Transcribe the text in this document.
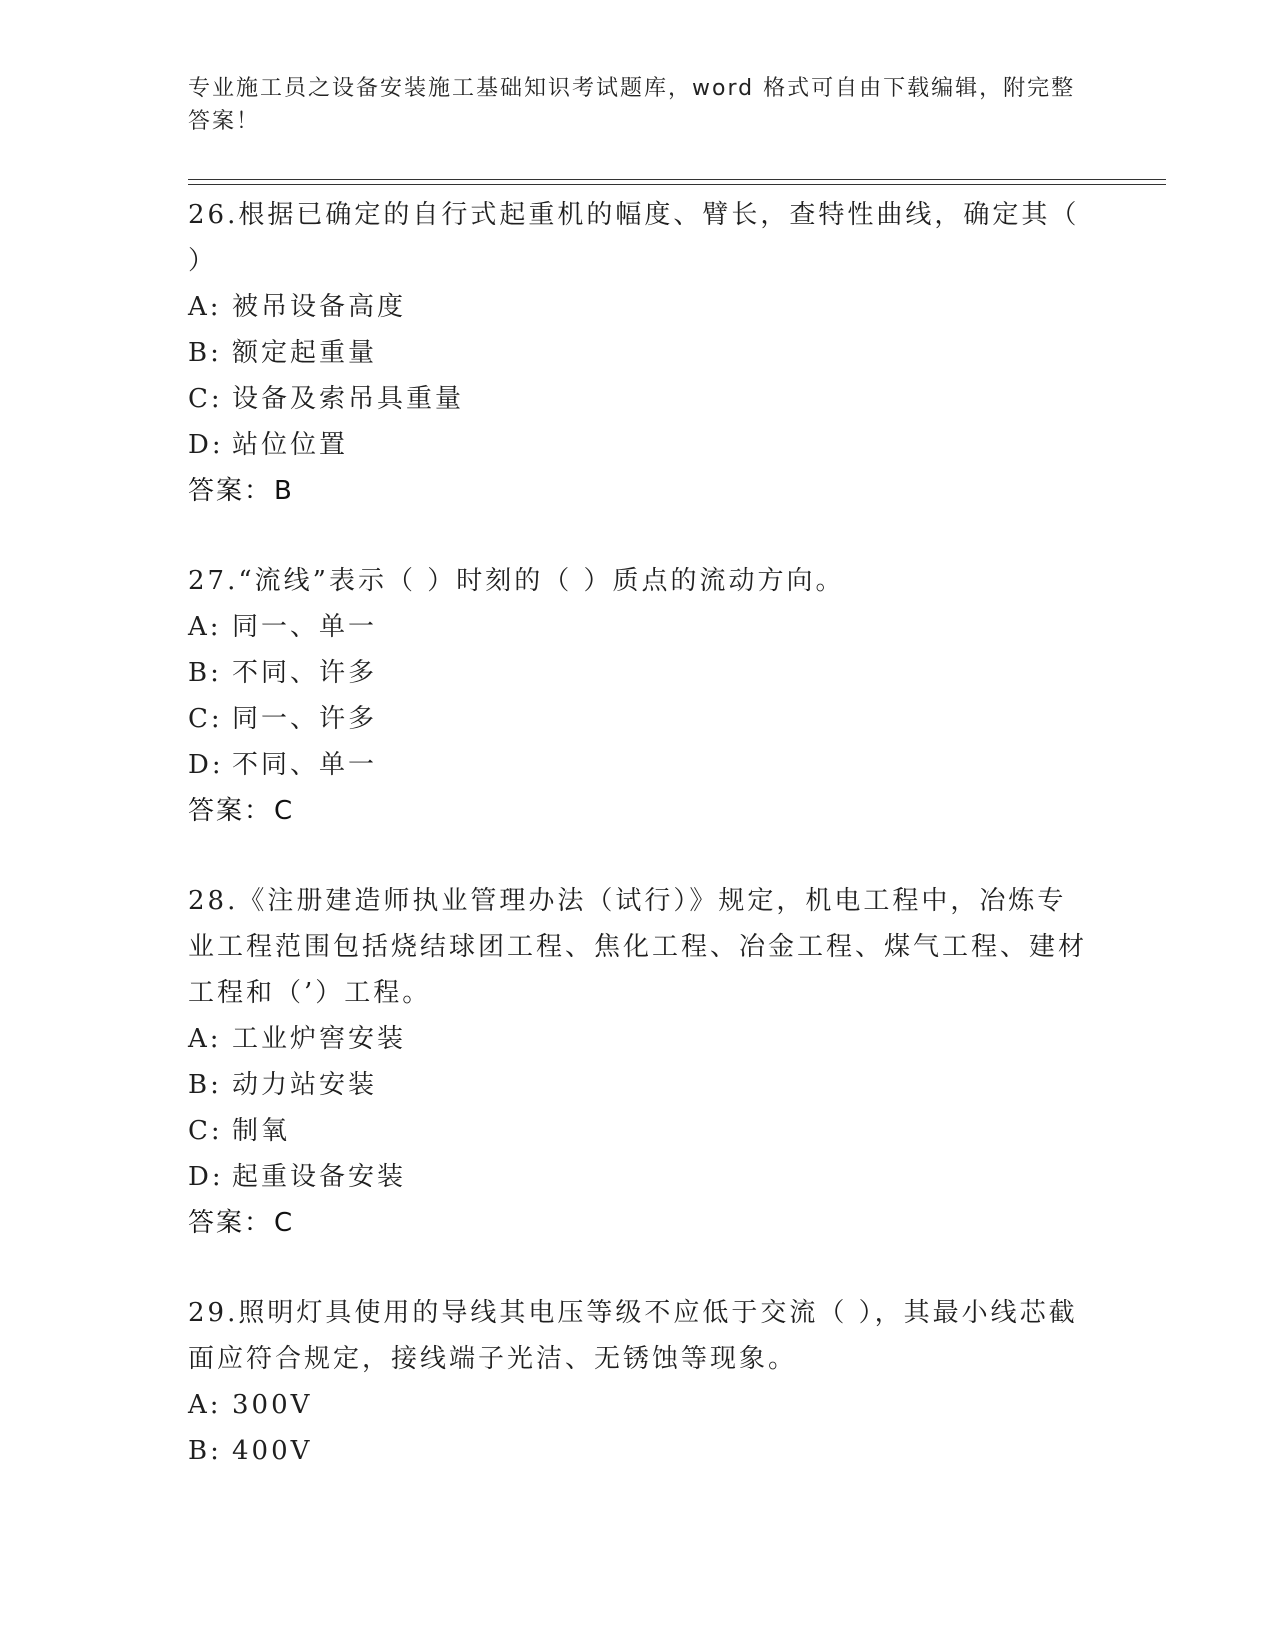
专业施工员之设备安装施工基础知识考试题库，word 格式可自由下载编辑，附完整答案！
26.根据已确定的自行式起重机的幅度、臂长，查特性曲线，确定其（ ）
A: 被吊设备高度
B: 额定起重量
C: 设备及索吊具重量
D: 站位位置
答案：B
27.“流线”表示（ ）时刻的（ ）质点的流动方向。
A: 同一、单一
B: 不同、许多
C: 同一、许多
D: 不同、单一
答案：C
28.《注册建造师执业管理办法（试行）》规定，机电工程中，冶炼专业工程范围包括烧结球团工程、焦化工程、冶金工程、煤气工程、建材工程和（’）工程。
A: 工业炉窖安装
B: 动力站安装
C: 制氧
D: 起重设备安装
答案：C
29.照明灯具使用的导线其电压等级不应低于交流（ ），其最小线芯截面应符合规定，接线端子光洁、无锈蚀等现象。
A: 300V
B: 400V
